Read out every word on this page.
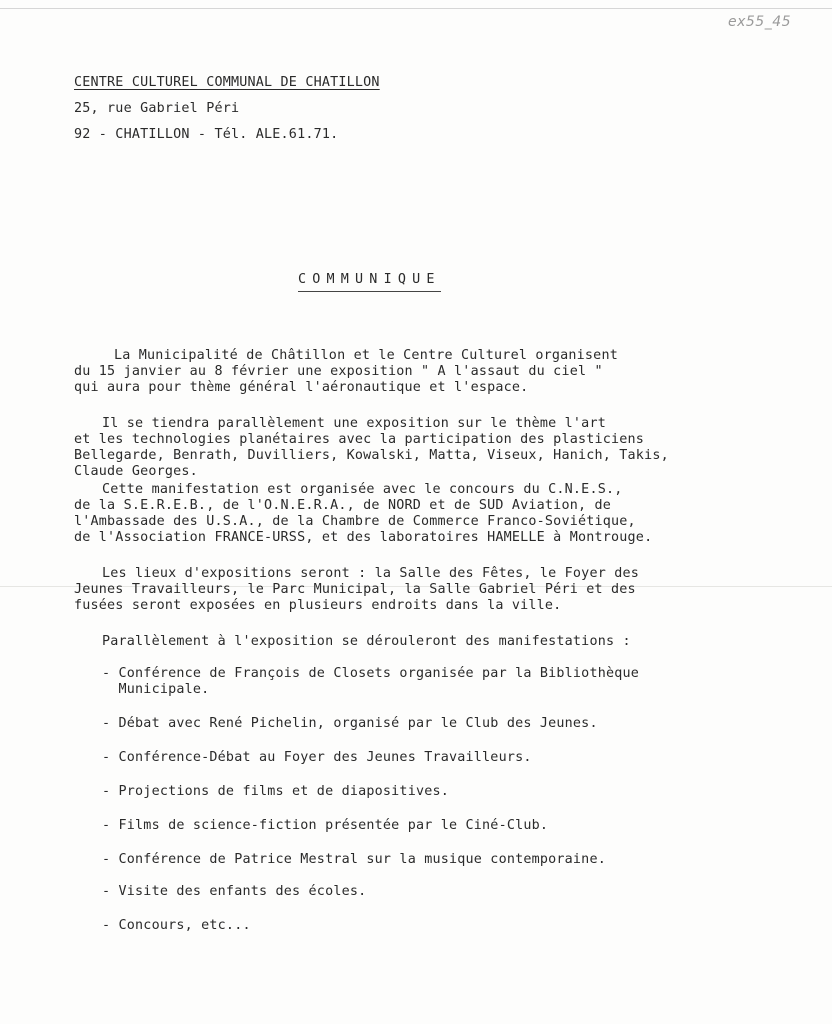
ex55_45
CENTRE CULTUREL COMMUNAL DE CHATILLON
25, rue Gabriel Péri
92 - CHATILLON - Tél. ALE.61.71.
COMMUNIQUE
La Municipalité de Châtillon et le Centre Culturel organisent
du 15 janvier au 8 février une exposition " A l'assaut du ciel "
qui aura pour thème général l'aéronautique et l'espace.
Il se tiendra parallèlement une exposition sur le thème l'art
et les technologies planétaires avec la participation des plasticiens
Bellegarde, Benrath, Duvilliers, Kowalski, Matta, Viseux, Hanich, Takis,
Claude Georges.
Cette manifestation est organisée avec le concours du C.N.E.S.,
de la S.E.R.E.B., de l'O.N.E.R.A., de NORD et de SUD Aviation, de
l'Ambassade des U.S.A., de la Chambre de Commerce Franco-Soviétique,
de l'Association FRANCE-URSS, et des laboratoires HAMELLE à Montrouge.
Les lieux d'expositions seront : la Salle des Fêtes, le Foyer des
Jeunes Travailleurs, le Parc Municipal, la Salle Gabriel Péri et des
fusées seront exposées en plusieurs endroits dans la ville.
Parallèlement à l'exposition se dérouleront des manifestations :
- Conférence de François de Closets organisée par la Bibliothèque
Municipale.
- Débat avec René Pichelin, organisé par le Club des Jeunes.
- Conférence-Débat au Foyer des Jeunes Travailleurs.
- Projections de films et de diapositives.
- Films de science-fiction présentée par le Ciné-Club.
- Conférence de Patrice Mestral sur la musique contemporaine.
- Visite des enfants des écoles.
- Concours, etc...
